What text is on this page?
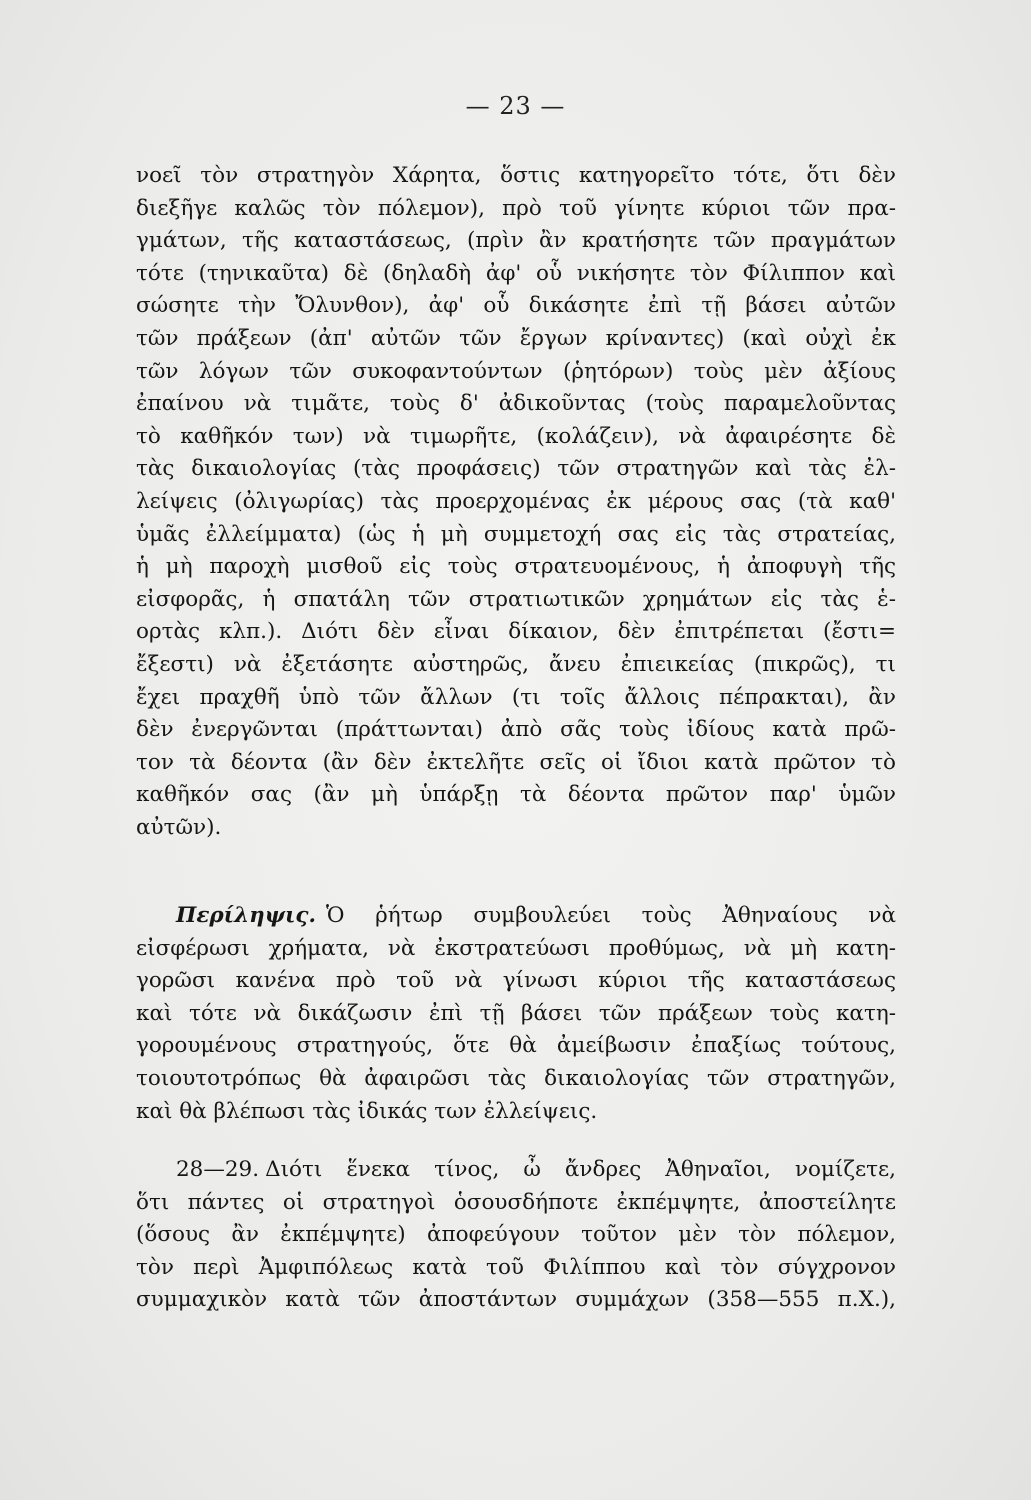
— 23 —
νοεῖ τὸν στρατηγὸν Χάρητα, ὅστις κατηγορεῖτο τότε, ὅτι δὲν
διεξῆγε καλῶς τὸν πόλεμον), πρὸ τοῦ γίνητε κύριοι τῶν πρα-
γμάτων, τῆς καταστάσεως, (πρὶν ἂν κρατήσητε τῶν πραγμάτων
τότε (τηνικαῦτα) δὲ (δηλαδὴ ἀφ' οὗ νικήσητε τὸν Φίλιππον καὶ
σώσητε τὴν Ὄλυνθον), ἀφ' οὗ δικάσητε ἐπὶ τῇ βάσει αὐτῶν
τῶν πράξεων (ἀπ' αὐτῶν τῶν ἔργων κρίναντες) (καὶ οὐχὶ ἐκ
τῶν λόγων τῶν συκοφαντούντων (ῥητόρων) τοὺς μὲν ἀξίους
ἐπαίνου νὰ τιμᾶτε, τοὺς δ' ἀδικοῦντας (τοὺς παραμελοῦντας
τὸ καθῆκόν των) νὰ τιμωρῆτε, (κολάζειν), νὰ ἀφαιρέσητε δὲ
τὰς δικαιολογίας (τὰς προφάσεις) τῶν στρατηγῶν καὶ τὰς ἐλ-
λείψεις (ὀλιγωρίας) τὰς προερχομένας ἐκ μέρους σας (τὰ καθ'
ὑμᾶς ἐλλείμματα) (ὡς ἡ μὴ συμμετοχή σας εἰς τὰς στρατείας,
ἡ μὴ παροχὴ μισθοῦ εἰς τοὺς στρατευομένους, ἡ ἀποφυγὴ τῆς
εἰσφορᾶς, ἡ σπατάλη τῶν στρατιωτικῶν χρημάτων εἰς τὰς ἑ-
ορτὰς κλπ.). Διότι δὲν εἶναι δίκαιον, δὲν ἐπιτρέπεται (ἔστι=
ἔξεστι) νὰ ἐξετάσητε αὐστηρῶς, ἄνευ ἐπιεικείας (πικρῶς), τι
ἔχει πραχθῆ ὑπὸ τῶν ἄλλων (τι τοῖς ἄλλοις πέπρακται), ἂν
δὲν ἐνεργῶνται (πράττωνται) ἀπὸ σᾶς τοὺς ἰδίους κατὰ πρῶ-
τον τὰ δέοντα (ἂν δὲν ἐκτελῆτε σεῖς οἱ ἴδιοι κατὰ πρῶτον τὸ
καθῆκόν σας (ἂν μὴ ὑπάρξῃ τὰ δέοντα πρῶτον παρ' ὑμῶν
αὐτῶν).
Περίληψις. Ὁ ῥήτωρ συμβουλεύει τοὺς Ἀθηναίους νὰ
εἰσφέρωσι χρήματα, νὰ ἐκστρατεύωσι προθύμως, νὰ μὴ κατη-
γορῶσι κανένα πρὸ τοῦ νὰ γίνωσι κύριοι τῆς καταστάσεως
καὶ τότε νὰ δικάζωσιν ἐπὶ τῇ βάσει τῶν πράξεων τοὺς κατη-
γορουμένους στρατηγούς, ὅτε θὰ ἀμείβωσιν ἐπαξίως τούτους,
τοιουτοτρόπως θὰ ἀφαιρῶσι τὰς δικαιολογίας τῶν στρατηγῶν,
καὶ θὰ βλέπωσι τὰς ἰδικάς των ἐλλείψεις.
28—29. Διότι ἕνεκα τίνος, ὦ ἄνδρες Ἀθηναῖοι, νομίζετε,
ὅτι πάντες οἱ στρατηγοὶ ὁσουσδήποτε ἐκπέμψητε, ἀποστείλητε
(ὅσους ἂν ἐκπέμψητε) ἀποφεύγουν τοῦτον μὲν τὸν πόλεμον,
τὸν περὶ Ἀμφιπόλεως κατὰ τοῦ Φιλίππου καὶ τὸν σύγχρονον
συμμαχικὸν κατὰ τῶν ἀποστάντων συμμάχων (358—555 π.Χ.),
